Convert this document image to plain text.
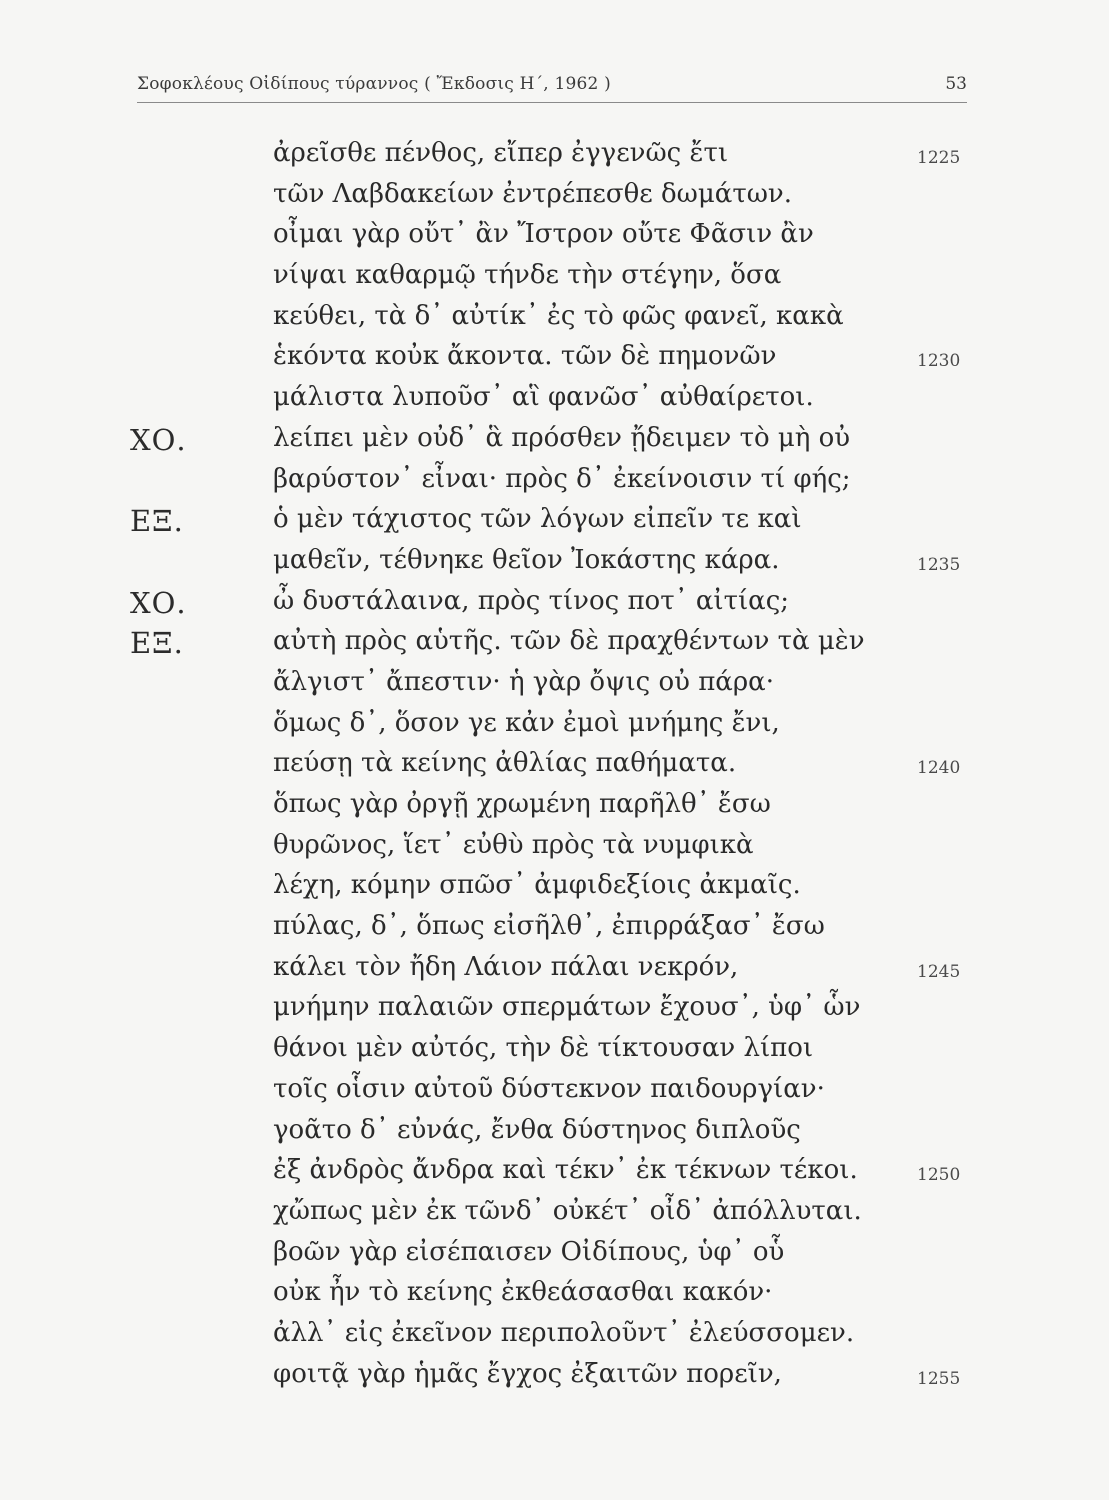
Σοφοκλέους Οἰδίπους τύραννος ( Ἔκδοσις Η΄, 1962 )	53
ἀρεῖσθε πένθος, εἴπερ ἐγγενῶς ἔτι	1225
τῶν Λαβδακείων ἐντρέπεσθε δωμάτων.
οἶμαι γὰρ οὔτ᾽ ἂν Ἴστρον οὔτε Φᾶσιν ἂν
νίψαι καθαρμῷ τήνδε τὴν στέγην, ὅσα
κεύθει, τὰ δ᾽ αὐτίκ᾽ ἐς τὸ φῶς φανεῖ, κακὰ
ἑκόντα κοὐκ ἄκοντα. τῶν δὲ πημονῶν	1230
μάλιστα λυποῦσ᾽ αἳ φανῶσ᾽ αὐθαίρετοι.
ΧΟ.	λείπει μὲν οὐδ᾽ ἃ πρόσθεν ᾔδειμεν τὸ μὴ οὐ
βαρύστον᾽ εἶναι· πρὸς δ᾽ ἐκείνοισιν τί φής;
ΕΞ.	ὁ μὲν τάχιστος τῶν λόγων εἰπεῖν τε καὶ
μαθεῖν, τέθνηκε θεῖον Ἰοκάστης κάρα.	1235
ΧΟ.	ὦ δυστάλαινα, πρὸς τίνος ποτ᾽ αἰτίας;
ΕΞ.	αὐτὴ πρὸς αὑτῆς. τῶν δὲ πραχθέντων τὰ μὲν
ἄλγιστ᾽ ἄπεστιν· ἡ γὰρ ὄψις οὐ πάρα·
ὅμως δ᾽, ὅσον γε κἀν ἐμοὶ μνήμης ἔνι,
πεύσῃ τὰ κείνης ἀθλίας παθήματα.	1240
ὅπως γὰρ ὀργῇ χρωμένη παρῆλθ᾽ ἔσω
θυρῶνος, ἵετ᾽ εὐθὺ πρὸς τὰ νυμφικὰ
λέχη, κόμην σπῶσ᾽ ἀμφιδεξίοις ἀκμαῖς.
πύλας, δ᾽, ὅπως εἰσῆλθ᾽, ἐπιρράξασ᾽ ἔσω
κάλει τὸν ἤδη Λάιον πάλαι νεκρόν,	1245
μνήμην παλαιῶν σπερμάτων ἔχουσ᾽, ὑφ᾽ ὧν
θάνοι μὲν αὐτός, τὴν δὲ τίκτουσαν λίποι
τοῖς οἷσιν αὐτοῦ δύστεκνον παιδουργίαν·
γοᾶτο δ᾽ εὐνάς, ἔνθα δύστηνος διπλοῦς
ἐξ ἀνδρὸς ἄνδρα καὶ τέκν᾽ ἐκ τέκνων τέκοι.	1250
χὤπως μὲν ἐκ τῶνδ᾽ οὐκέτ᾽ οἶδ᾽ ἀπόλλυται.
βοῶν γὰρ εἰσέπαισεν Οἰδίπους, ὑφ᾽ οὗ
οὐκ ἦν τὸ κείνης ἐκθεάσασθαι κακόν·
ἀλλ᾽ εἰς ἐκεῖνον περιπολοῦντ᾽ ἐλεύσσομεν.
φοιτᾷ γὰρ ἡμᾶς ἔγχος ἐξαιτῶν πορεῖν,	1255
